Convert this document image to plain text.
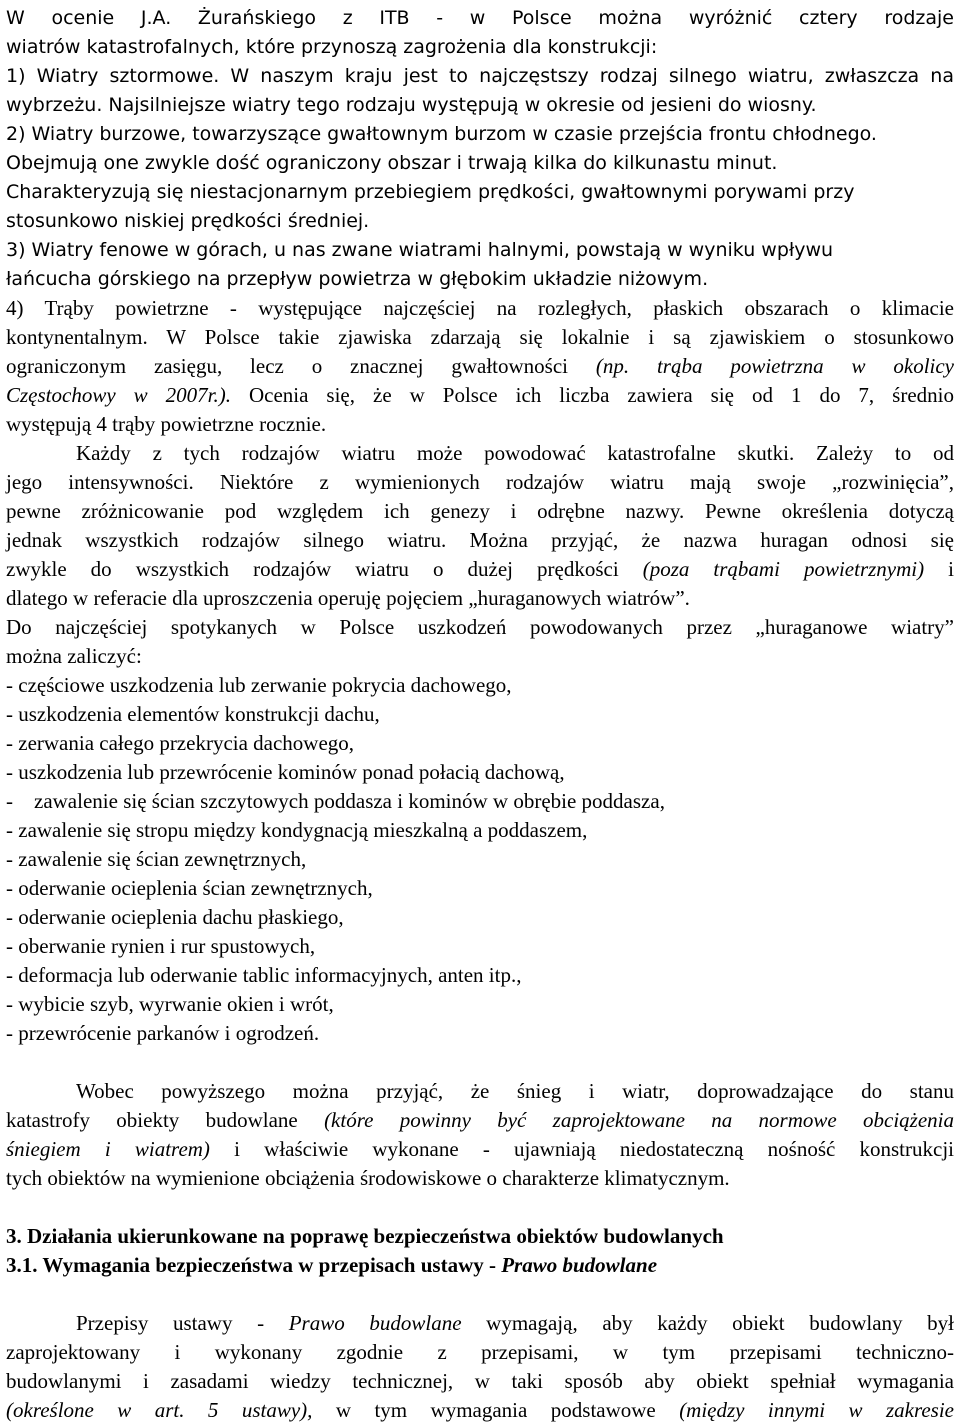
W ocenie J.A. Żurańskiego z ITB - w Polsce można wyróżnić cztery rodzaje

wiatrów katastrofalnych, które przynoszą zagrożenia dla konstrukcji:

1) Wiatry sztormowe. W naszym kraju jest to najczęstszy rodzaj silnego wiatru, zwłaszcza na

wybrzeżu. Najsilniejsze wiatry tego rodzaju występują w okresie od jesieni do wiosny.

2) Wiatry burzowe, towarzyszące gwałtownym burzom w czasie przejścia frontu chłodnego.

Obejmują one zwykle dość ograniczony obszar i trwają kilka do kilkunastu minut.

Charakteryzują się niestacjonarnym przebiegiem prędkości, gwałtownymi porywami przy

stosunkowo niskiej prędkości średniej.

3) Wiatry fenowe w górach, u nas zwane wiatrami halnymi, powstają w wyniku wpływu

łańcucha górskiego na przepływ powietrza w głębokim układzie niżowym.

4) Trąby powietrzne - występujące najczęściej na rozległych, płaskich obszarach o klimacie

kontynentalnym. W Polsce takie zjawiska zdarzają się lokalnie i są zjawiskiem o stosunkowo

ograniczonym zasięgu, lecz o znacznej gwałtowności (np. trąba powietrzna w okolicy

Częstochowy w 2007r.). Ocenia się, że w Polsce ich liczba zawiera się od 1 do 7, średnio

występują 4 trąby powietrzne rocznie.

Każdy z tych rodzajów wiatru może powodować katastrofalne skutki. Zależy to od

jego intensywności. Niektóre z wymienionych rodzajów wiatru mają swoje „rozwinięcia”,

pewne zróżnicowanie pod względem ich genezy i odrębne nazwy. Pewne określenia dotyczą

jednak wszystkich rodzajów silnego wiatru. Można przyjąć, że nazwa huragan odnosi się

zwykle do wszystkich rodzajów wiatru o dużej prędkości (poza trąbami powietrznymi) i

dlatego w referacie dla uproszczenia operuję pojęciem „huraganowych wiatrów”.

Do najczęściej spotykanych w Polsce uszkodzeń powodowanych przez „huraganowe wiatry”

można zaliczyć:

- częściowe uszkodzenia lub zerwanie pokrycia dachowego,

- uszkodzenia elementów konstrukcji dachu,

- zerwania całego przekrycia dachowego,

- uszkodzenia lub przewrócenie kominów ponad połacią dachową,

- zawalenie się ścian szczytowych poddasza i kominów w obrębie poddasza,

- zawalenie się stropu między kondygnacją mieszkalną a poddaszem,

- zawalenie się ścian zewnętrznych,

- oderwanie ocieplenia ścian zewnętrznych,

- oderwanie ocieplenia dachu płaskiego,

- oberwanie rynien i rur spustowych,

- deformacja lub oderwanie tablic informacyjnych, anten itp.,

- wybicie szyb, wyrwanie okien i wrót,

- przewrócenie parkanów i ogrodzeń.

Wobec powyższego można przyjąć, że śnieg i wiatr, doprowadzające do stanu

katastrofy obiekty budowlane (które powinny być zaprojektowane na normowe obciążenia

śniegiem i wiatrem) i właściwie wykonane - ujawniają niedostateczną nośność konstrukcji

tych obiektów na wymienione obciążenia środowiskowe o charakterze klimatycznym.

3. Działania ukierunkowane na poprawę bezpieczeństwa obiektów budowlanych

3.1. Wymagania bezpieczeństwa w przepisach ustawy - Prawo budowlane

Przepisy ustawy - Prawo budowlane wymagają, aby każdy obiekt budowlany był

zaprojektowany i wykonany zgodnie z przepisami, w tym przepisami techniczno-

budowlanymi i zasadami wiedzy technicznej, w taki sposób aby obiekt spełniał wymagania

(określone w art. 5 ustawy), w tym wymagania podstawowe (między innymi w zakresie
